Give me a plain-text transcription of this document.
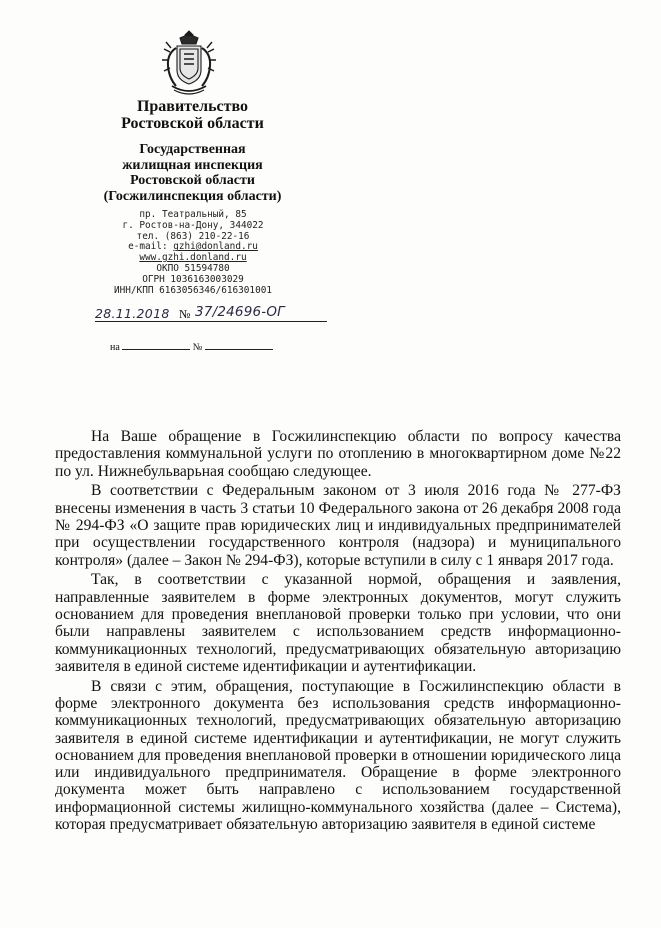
Правительство
Ростовской области
Государственная
жилищная инспекция
Ростовской области
(Госжилинспекция области)
пр. Театральный, 85
г. Ростов-на-Дону, 344022
тел. (863) 210-22-16
e-mail: gzhi@donland.ru
www.gzhi.donland.ru
ОКПО 51594780
ОГРН 1036163003029
ИНН/КПП 6163056346/616301001
28.11.2018 № 37/24696-ОГ
на	№

На Ваше обращение в Госжилинспекцию области по вопросу качества предоставления коммунальной услуги по отоплению в многоквартирном доме №22 по ул. Нижнебульварьная сообщаю следующее.

В соответствии с Федеральным законом от 3 июля 2016 года № 277-ФЗ внесены изменения в часть 3 статьи 10 Федерального закона от 26 декабря 2008 года № 294-ФЗ «О защите прав юридических лиц и индивидуальных предпринимателей при осуществлении государственного контроля (надзора) и муниципального контроля» (далее – Закон № 294-ФЗ), которые вступили в силу с 1 января 2017 года.

Так, в соответствии с указанной нормой, обращения и заявления, направленные заявителем в форме электронных документов, могут служить основанием для проведения внеплановой проверки только при условии, что они были направлены заявителем с использованием средств информационно-коммуникационных технологий, предусматривающих обязательную авторизацию заявителя в единой системе идентификации и аутентификации.

В связи с этим, обращения, поступающие в Госжилинспекцию области в форме электронного документа без использования средств информационно-коммуникационных технологий, предусматривающих обязательную авторизацию заявителя в единой системе идентификации и аутентификации, не могут служить основанием для проведения внеплановой проверки в отношении юридического лица или индивидуального предпринимателя. Обращение в форме электронного документа может быть направлено с использованием государственной информационной системы жилищно-коммунального хозяйства (далее – Система), которая предусматривает обязательную авторизацию заявителя в единой системе
